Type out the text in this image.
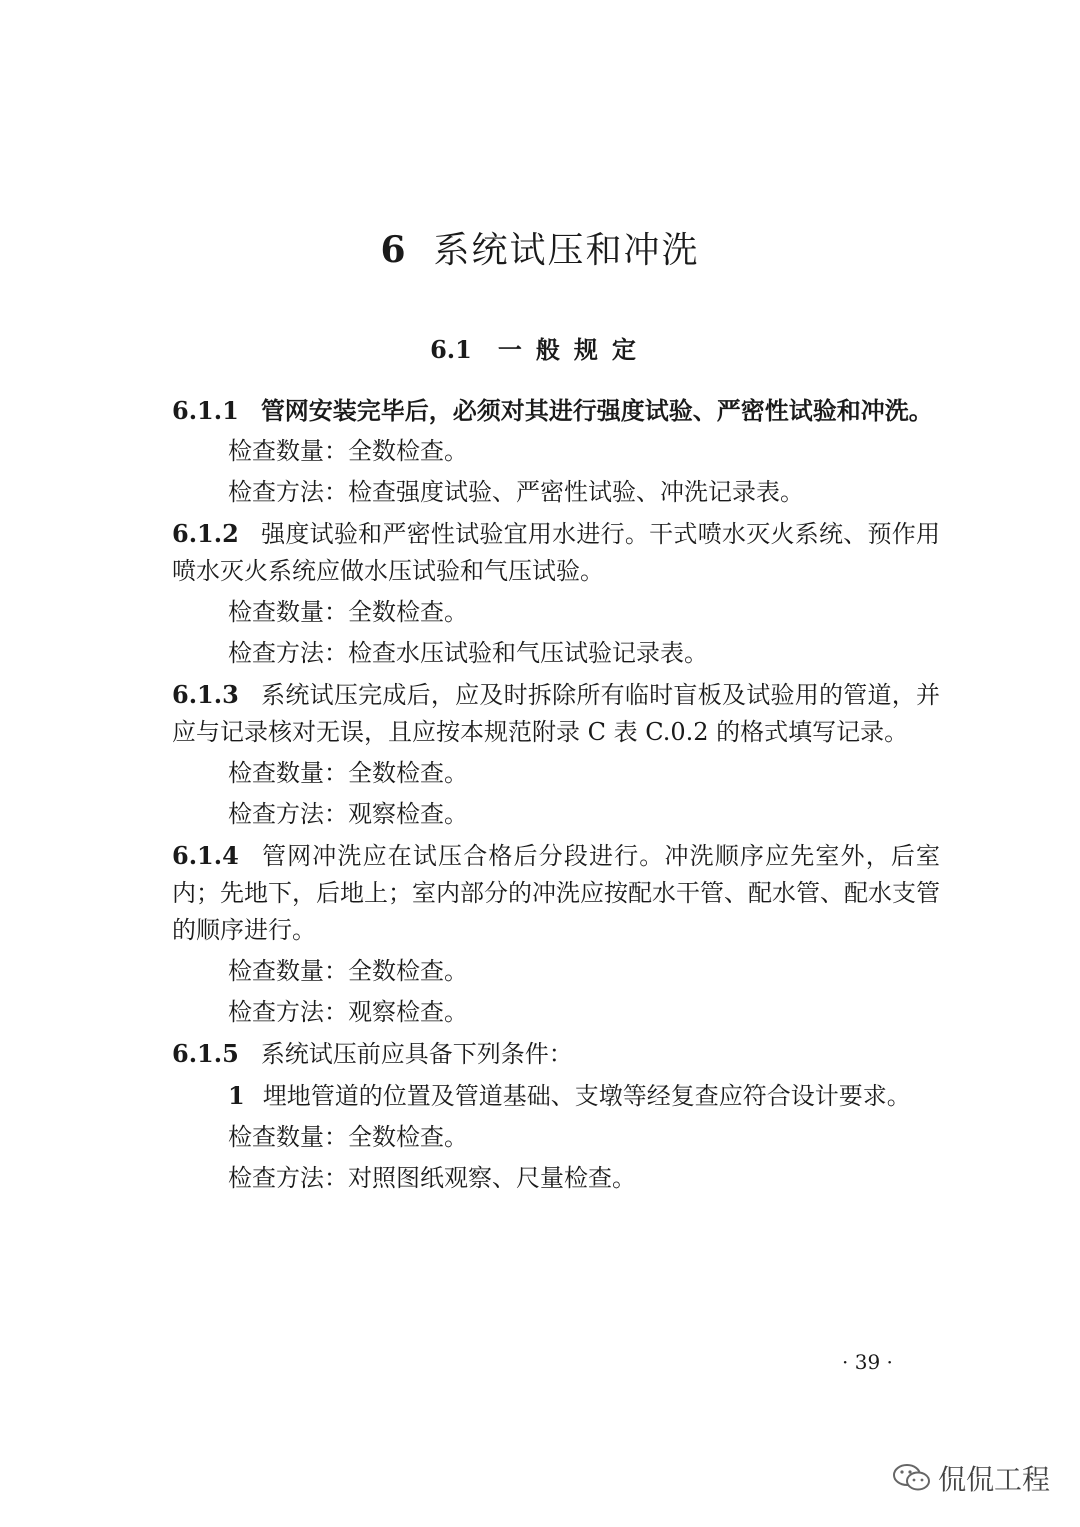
6 系统试压和冲洗
6.1 一般规定

6.1.1 管网安装完毕后，必须对其进行强度试验、严密性试验和冲洗。

检查数量：全数检查。

检查方法：检查强度试验、严密性试验、冲洗记录表。

6.1.2 强度试验和严密性试验宜用水进行。干式喷水灭火系统、预作用喷水灭火系统应做水压试验和气压试验。

检查数量：全数检查。

检查方法：检查水压试验和气压试验记录表。

6.1.3 系统试压完成后，应及时拆除所有临时盲板及试验用的管道，并应与记录核对无误，且应按本规范附录 C 表 C.0.2 的格式填写记录。

检查数量：全数检查。

检查方法：观察检查。

6.1.4 管网冲洗应在试压合格后分段进行。冲洗顺序应先室外，后室内；先地下，后地上；室内部分的冲洗应按配水干管、配水管、配水支管的顺序进行。

检查数量：全数检查。

检查方法：观察检查。

6.1.5 系统试压前应具备下列条件：

1 埋地管道的位置及管道基础、支墩等经复查应符合设计要求。

检查数量：全数检查。

检查方法：对照图纸观察、尺量检查。

· 39 ·
侃侃工程
